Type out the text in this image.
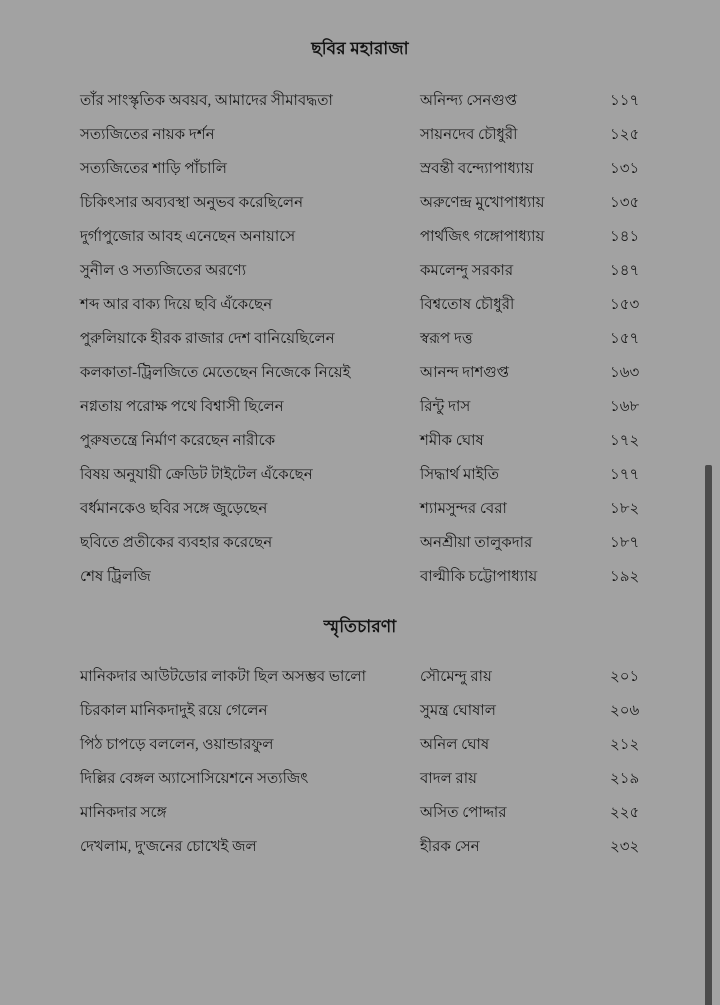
ছবির মহারাজা
তাঁর সাংস্কৃতিক অবয়ব, আমাদের সীমাবদ্ধতা	অনিন্দ্য সেনগুপ্ত	১১৭
সত্যজিতের নায়ক দর্শন	সায়নদেব চৌধুরী	১২৫
সত্যজিতের শাড়ি পাঁচালি	স্রবন্তী বন্দ্যোপাধ্যায়	১৩১
চিকিৎসার অব্যবস্থা অনুভব করেছিলেন	অরুণেন্দ্র মুখোপাধ্যায়	১৩৫
দুর্গাপুজোর আবহ এনেছেন অনায়াসে	পার্থজিৎ গঙ্গোপাধ্যায়	১৪১
সুনীল ও সত্যজিতের অরণ্যে	কমলেন্দু সরকার	১৪৭
শব্দ আর বাক্য দিয়ে ছবি এঁকেছেন	বিশ্বতোষ চৌধুরী	১৫৩
পুরুলিয়াকে হীরক রাজার দেশ বানিয়েছিলেন	স্বরূপ দত্ত	১৫৭
কলকাতা-ট্রিলজিতে মেতেছেন নিজেকে নিয়েই	আনন্দ দাশগুপ্ত	১৬৩
নগ্নতায় পরোক্ষ পথে বিশ্বাসী ছিলেন	রিন্টু দাস	১৬৮
পুরুষতন্ত্রে নির্মাণ করেছেন নারীকে	শমীক ঘোষ	১৭২
বিষয় অনুযায়ী ক্রেডিট টাইটেল এঁকেছেন	সিদ্ধার্থ মাইতি	১৭৭
বর্ধমানকেও ছবির সঙ্গে জুড়েছেন	শ্যামসুন্দর বেরা	১৮২
ছবিতে প্রতীকের ব্যবহার করেছেন	অনশ্রীয়া তালুকদার	১৮৭
শেষ ট্রিলজি	বাল্মীকি চট্টোপাধ্যায়	১৯২
স্মৃতিচারণা
মানিকদার আউটডোর লাকটা ছিল অসম্ভব ভালো	সৌমেন্দু রায়	২০১
চিরকাল মানিকদাদুই রয়ে গেলেন	সুমন্ত্র ঘোষাল	২০৬
পিঠ চাপড়ে বললেন, ওয়ান্ডারফুল	অনিল ঘোষ	২১২
দিল্লির বেঙ্গল অ্যাসোসিয়েশনে সত্যজিৎ	বাদল রায়	২১৯
মানিকদার সঙ্গে	অসিত পোদ্দার	২২৫
দেখলাম, দু'জনের চোখেই জল	হীরক সেন	২৩২
